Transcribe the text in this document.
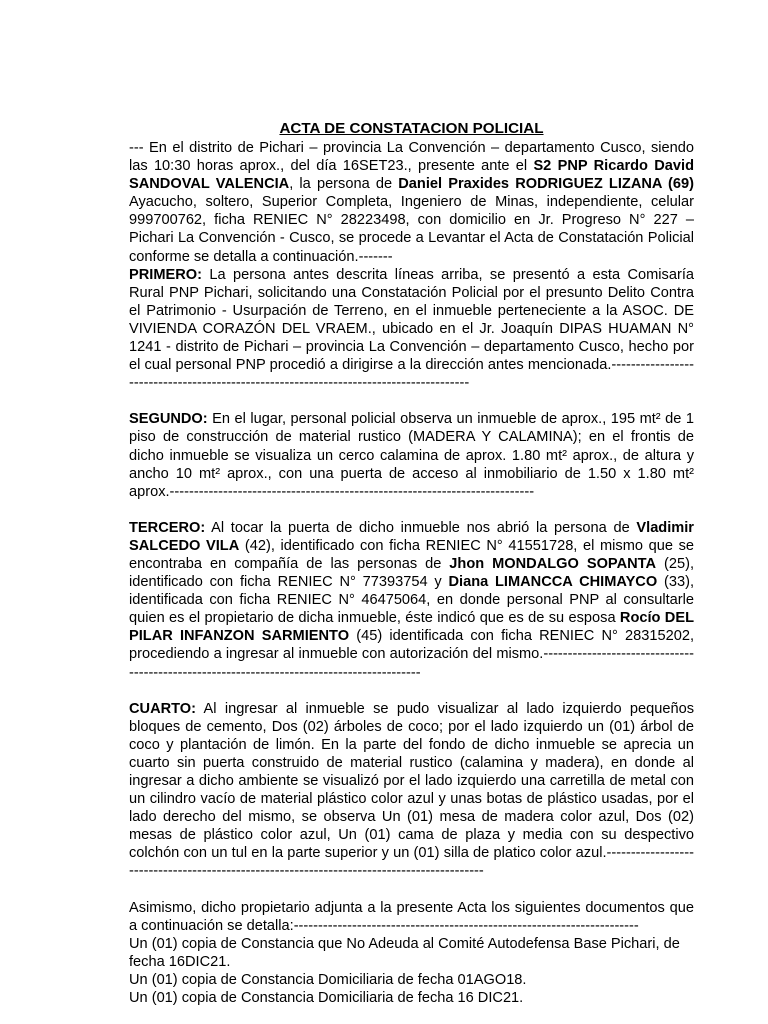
ACTA DE CONSTATACION POLICIAL

--- En el distrito de Pichari – provincia La Convención – departamento Cusco, siendo las 10:30 horas aprox., del día 16SET23., presente ante el S2 PNP Ricardo David SANDOVAL VALENCIA, la persona de Daniel Praxides RODRIGUEZ LIZANA (69) Ayacucho, soltero, Superior Completa, Ingeniero de Minas, independiente, celular 999700762, ficha RENIEC N° 28223498, con domicilio en Jr. Progreso N° 227 – Pichari La Convención - Cusco, se procede a Levantar el Acta de Constatación Policial conforme se detalla a continuación.-------

PRIMERO: La persona antes descrita líneas arriba, se presentó a esta Comisaría Rural PNP Pichari, solicitando una Constatación Policial por el presunto Delito Contra el Patrimonio - Usurpación de Terreno, en el inmueble perteneciente a la ASOC. DE VIVIENDA CORAZÓN DEL VRAEM., ubicado en el Jr. Joaquín DIPAS HUAMAN N° 1241 - distrito de Pichari – provincia La Convención – departamento Cusco, hecho por el cual personal PNP procedió a dirigirse a la dirección antes mencionada.---------------------------------------------------------------------------------------

SEGUNDO: En el lugar, personal policial observa un inmueble de aprox., 195 mt² de 1 piso de construcción de material rustico (MADERA Y CALAMINA); en el frontis de dicho inmueble se visualiza un cerco calamina de aprox. 1.80 mt² aprox., de altura y ancho 10 mt² aprox., con una puerta de acceso al inmobiliario de 1.50 x 1.80 mt² aprox.---------------------------------------------------------------------------

TERCERO: Al tocar la puerta de dicho inmueble nos abrió la persona de Vladimir SALCEDO VILA (42), identificado con ficha RENIEC N° 41551728, el mismo que se encontraba en compañía de las personas de Jhon MONDALGO SOPANTA (25), identificado con ficha RENIEC N° 77393754 y Diana LIMANCCA CHIMAYCO (33), identificada con ficha RENIEC N° 46475064, en donde personal PNP al consultarle quien es el propietario de dicha inmueble, éste indicó que es de su esposa Rocío DEL PILAR INFANZON SARMIENTO (45) identificada con ficha RENIEC N° 28315202, procediendo a ingresar al inmueble con autorización del mismo.-------------------------------------------------------------------------------------------

CUARTO: Al ingresar al inmueble se pudo visualizar al lado izquierdo pequeños bloques de cemento, Dos (02) árboles de coco; por el lado izquierdo un (01) árbol de coco y plantación de limón. En la parte del fondo de dicho inmueble se aprecia un cuarto sin puerta construido de material rustico (calamina y madera), en donde al ingresar a dicho ambiente se visualizó por el lado izquierdo una carretilla de metal con un cilindro vacío de material plástico color azul y unas botas de plástico usadas, por el lado derecho del mismo, se observa Un (01) mesa de madera color azul, Dos (02) mesas de plástico color azul, Un (01) cama de plaza y media con su despectivo colchón con un tul en la parte superior y un (01) silla de platico color azul.-------------------------------------------------------------------------------------------

Asimismo, dicho propietario adjunta a la presente Acta los siguientes documentos que a continuación se detalla:-----------------------------------------------------------------------

Un (01) copia de Constancia que No Adeuda al Comité Autodefensa Base Pichari, de fecha 16DIC21.

Un (01) copia de Constancia Domiciliaria de fecha 01AGO18.

Un (01) copia de Constancia Domiciliaria de fecha 16 DIC21.
